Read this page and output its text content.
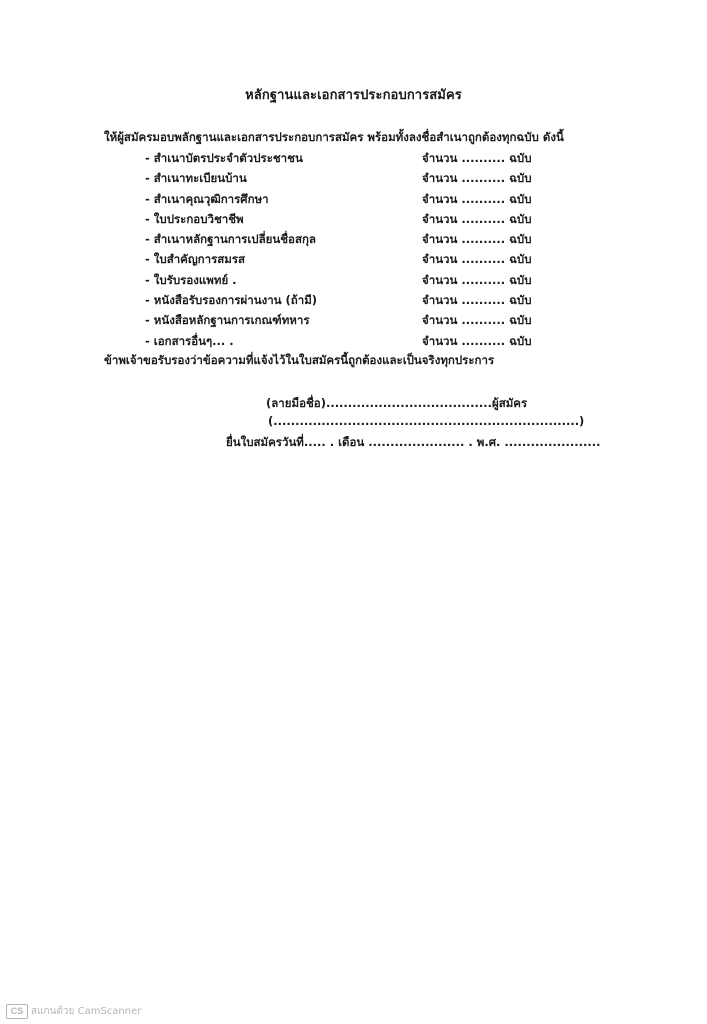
หลักฐานและเอกสารประกอบการสมัคร
ให้ผู้สมัครมอบพลักฐานและเอกสารประกอบการสมัคร พร้อมทั้งลงชื่อสำเนาถูกต้องทุกฉบับ ดังนี้
- สำเนาบัตรประจำตัวประชาชน	จำนวน .......... ฉบับ
- สำเนาทะเบียนบ้าน	จำนวน .......... ฉบับ
- สำเนาคุณวุฒิการศึกษา	จำนวน .......... ฉบับ
- ใบประกอบวิชาชีพ	จำนวน .......... ฉบับ
- สำเนาหลักฐานการเปลี่ยนชื่อสกุล	จำนวน .......... ฉบับ
- ใบสำคัญการสมรส	จำนวน .......... ฉบับ
- ใบรับรองแพทย์ .	จำนวน .......... ฉบับ
- หนังสือรับรองการผ่านงาน (ถ้ามี)	จำนวน .......... ฉบับ
- หนังสือหลักฐานการเกณฑ์ทหาร	จำนวน .......... ฉบับ
- เอกสารอื่นๆ... .	จำนวน .......... ฉบับ
ข้าพเจ้าขอรับรองว่าข้อความที่แจ้งไว้ในใบสมัครนี้ถูกต้องและเป็นจริงทุกประการ
(ลายมือชื่อ)......................................ผู้สมัคร
(......................................................................)
ยื่นใบสมัครวันที่..... . เดือน ...................... . พ.ศ. ......................
CS สแกนด้วย CamScanner
